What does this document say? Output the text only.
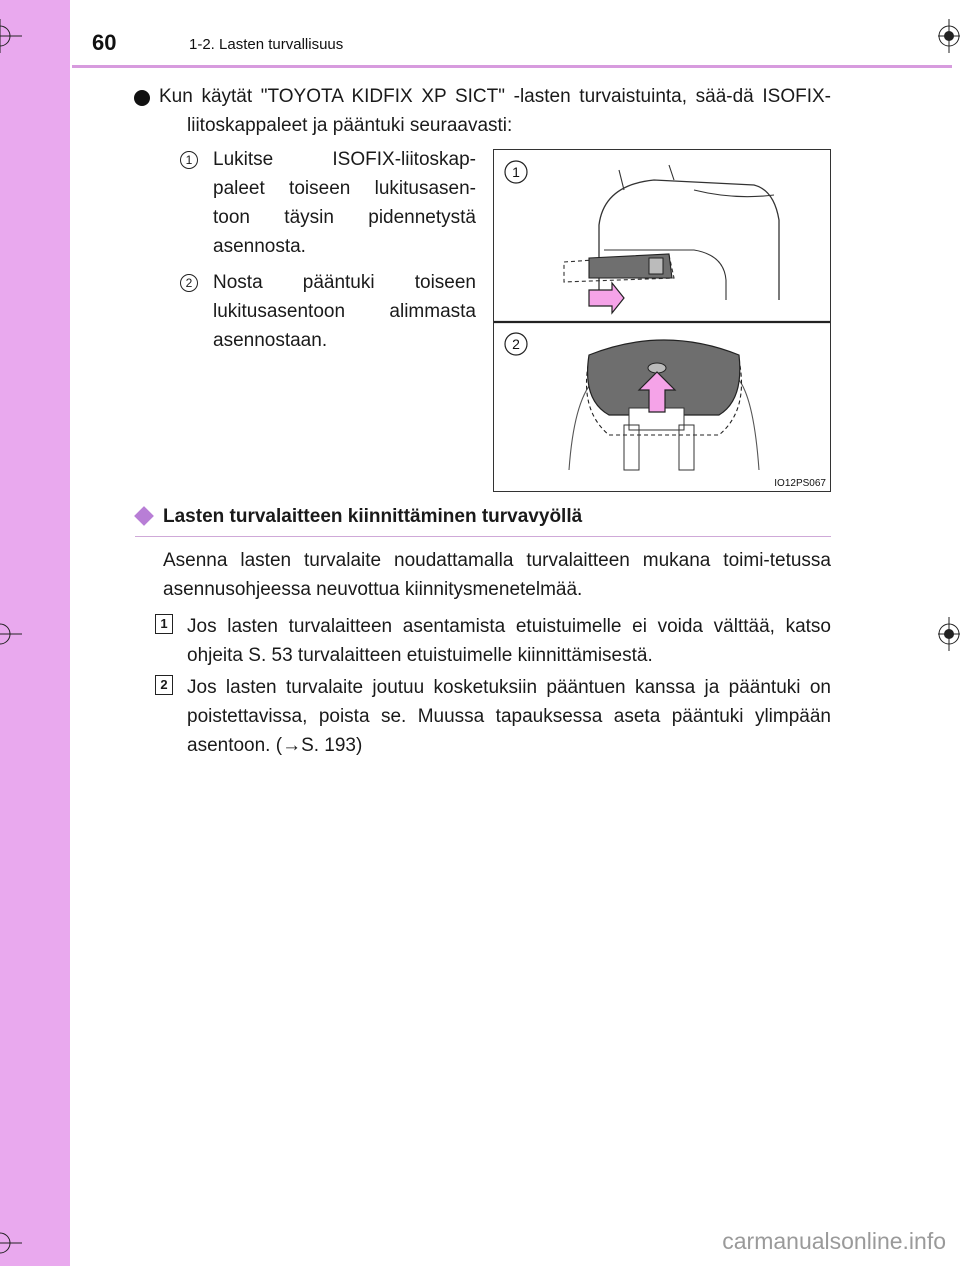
60	1-2. Lasten turvallisuus
Kun käytät "TOYOTA KIDFIX XP SICT" -lasten turvaistuinta, sää-dä ISOFIX-liitoskappaleet ja pääntuki seuraavasti:
1 Lukitse ISOFIX-liitoskap-
paleet toiseen lukitusasen-
toon täysin pidennetystä
asennosta.
2 Nosta pääntuki toiseen
lukitusasentoon alimmasta
asennostaan.
1
2
IO12PS067
Lasten turvalaitteen kiinnittäminen turvavyöllä
Asenna lasten turvalaite noudattamalla turvalaitteen mukana toimi-tetussa asennusohjeessa neuvottua kiinnitysmenetelmää.
1 Jos lasten turvalaitteen asentamista etuistuimelle ei voida välttää, katso ohjeita S. 53 turvalaitteen etuistuimelle kiinnittämisestä.
2 Jos lasten turvalaite joutuu kosketuksiin pääntuen kanssa ja pääntuki on poistettavissa, poista se. Muussa tapauksessa aseta pääntuki ylimpään asentoon. (→S. 193)
carmanualsonline.info
